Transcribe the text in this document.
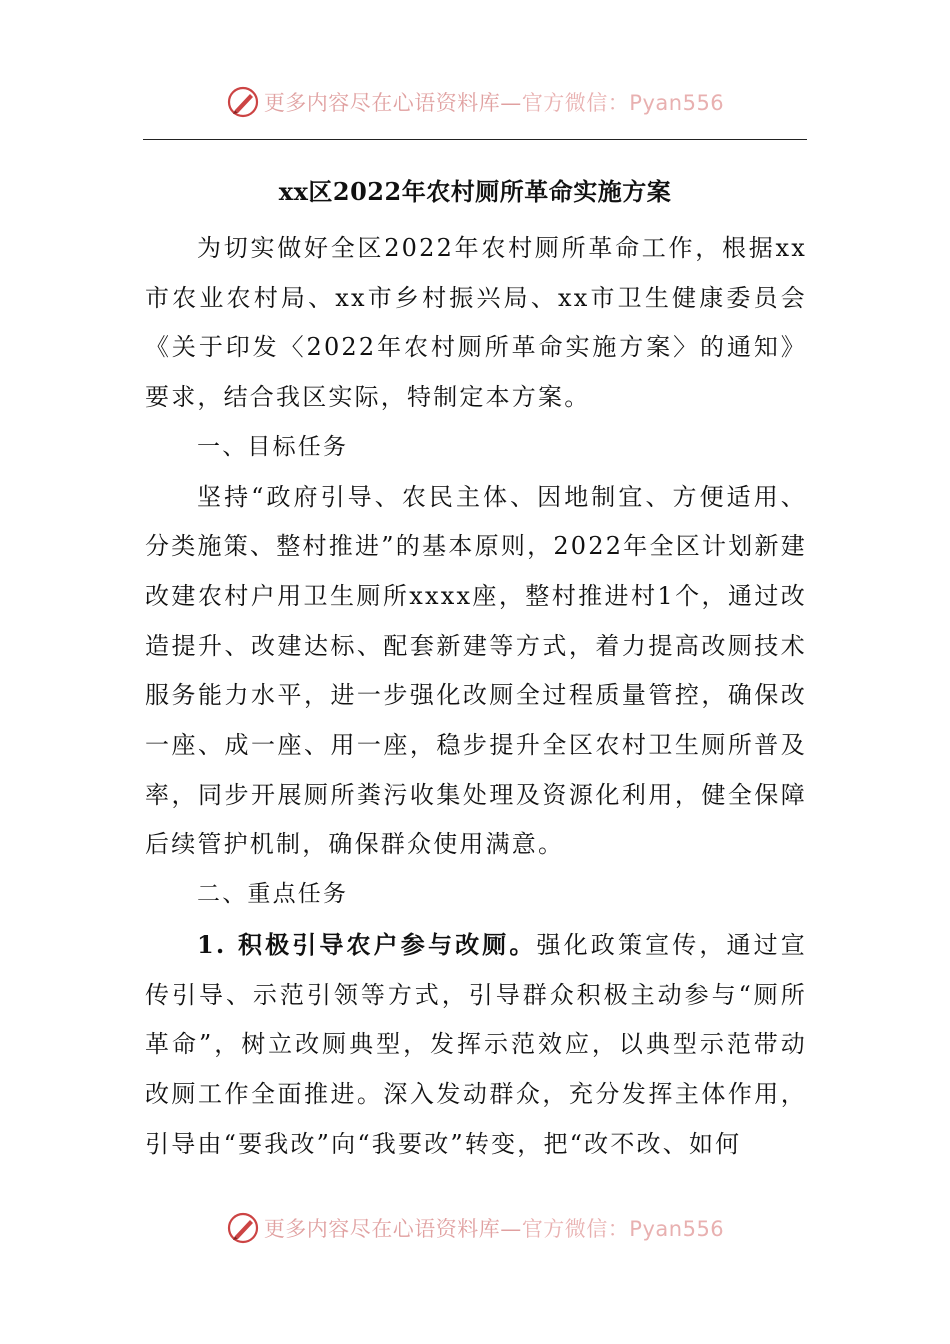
更多内容尽在心语资料库— 官方微信：Pyan556
xx区2022年农村厕所革命实施方案

为切实做好全区2022年农村厕所革命工作，根据xx市农业农村局、xx市乡村振兴局、xx市卫生健康委员会《关于印发〈2022年农村厕所革命实施方案〉的通知》要求，结合我区实际，特制定本方案。

一、目标任务

坚持“政府引导、农民主体、因地制宜、方便适用、分类施策、整村推进”的基本原则，2022年全区计划新建改建农村户用卫生厕所xxxx座，整村推进村1个，通过改造提升、改建达标、配套新建等方式，着力提高改厕技术服务能力水平，进一步强化改厕全过程质量管控，确保改一座、成一座、用一座，稳步提升全区农村卫生厕所普及率，同步开展厕所粪污收集处理及资源化利用，健全保障后续管护机制，确保群众使用满意。

二、重点任务

1. 积极引导农户参与改厕。强化政策宣传，通过宣传引导、示范引领等方式，引导群众积极主动参与“厕所革命”，树立改厕典型，发挥示范效应，以典型示范带动改厕工作全面推进。深入发动群众，充分发挥主体作用，引导由“要我改”向“我要改”转变，把“改不改、如何

更多内容尽在心语资料库— 官方微信：Pyan556
